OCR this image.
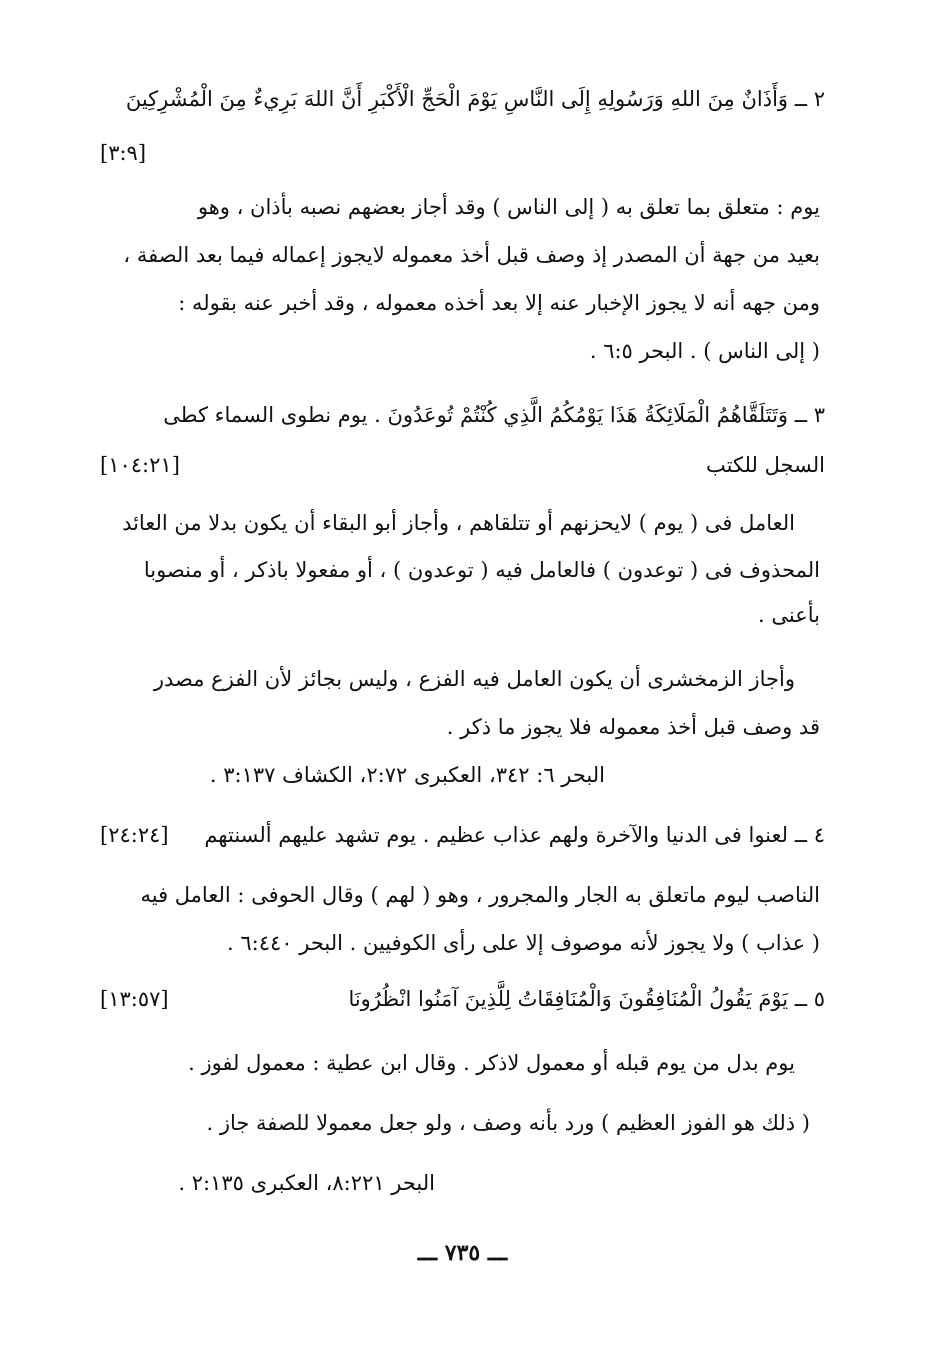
٢ ــ وَأَذَانٌ مِنَ اللهِ وَرَسُولِهِ إِلَى النَّاسِ يَوْمَ الْحَجِّ الْأَكْبَرِ أَنَّ اللهَ بَرِيءٌ مِنَ الْمُشْرِكِينَ
[٣:٩]
يوم : متعلق بما تعلق به ( إلى الناس ) وقد أجاز بعضهم نصبه بأذان ، وهو
بعيد من جهة أن المصدر إذ وصف قبل أخذ معموله لايجوز إعماله فيما بعد الصفة ،
ومن جهه أنه لا يجوز الإخبار عنه إلا بعد أخذه معموله ، وقد أخبر عنه بقوله :
( إلى الناس ) . البحر ٦:٥ .
٣ ــ وَتَتَلَقَّاهُمُ الْمَلَائِكَةُ هَذَا يَوْمُكُمُ الَّذِي كُنْتُمْ تُوعَدُونَ . يوم نطوى السماء كطى
السجل للكتب
[١٠٤:٢١]
العامل فى ( يوم ) لايحزنهم أو تتلقاهم ، وأجاز أبو البقاء أن يكون بدلا من العائد
المحذوف فى ( توعدون ) فالعامل فيه ( توعدون ) ، أو مفعولا باذكر ، أو منصوبا
بأعنى .
وأجاز الزمخشرى أن يكون العامل فيه الفزع ، وليس بجائز لأن الفزع مصدر
قد وصف قبل أخذ معموله فلا يجوز ما ذكر .
البحر ٦: ٣٤٢، العكبرى ٢:٧٢، الكشاف ٣:١٣٧ .
٤ ــ لعنوا فى الدنيا والآخرة ولهم عذاب عظيم . يوم تشهد عليهم ألسنتهم
[٢٤:٢٤]
الناصب ليوم ماتعلق به الجار والمجرور ، وهو ( لهم ) وقال الحوفى : العامل فيه
( عذاب ) ولا يجوز لأنه موصوف إلا على رأى الكوفيين . البحر ٦:٤٤٠ .
٥ ــ يَوْمَ يَقُولُ الْمُنَافِقُونَ وَالْمُنَافِقَاتُ لِلَّذِينَ آمَنُوا انْظُرُونَا
[١٣:٥٧]
يوم بدل من يوم قبله أو معمول لاذكر . وقال ابن عطية : معمول لفوز .
( ذلك هو الفوز العظيم ) ورد بأنه وصف ، ولو جعل معمولا للصفة جاز .
البحر ٨:٢٢١، العكبرى ٢:١٣٥ .
ـــ ٧٣٥ ـــ
